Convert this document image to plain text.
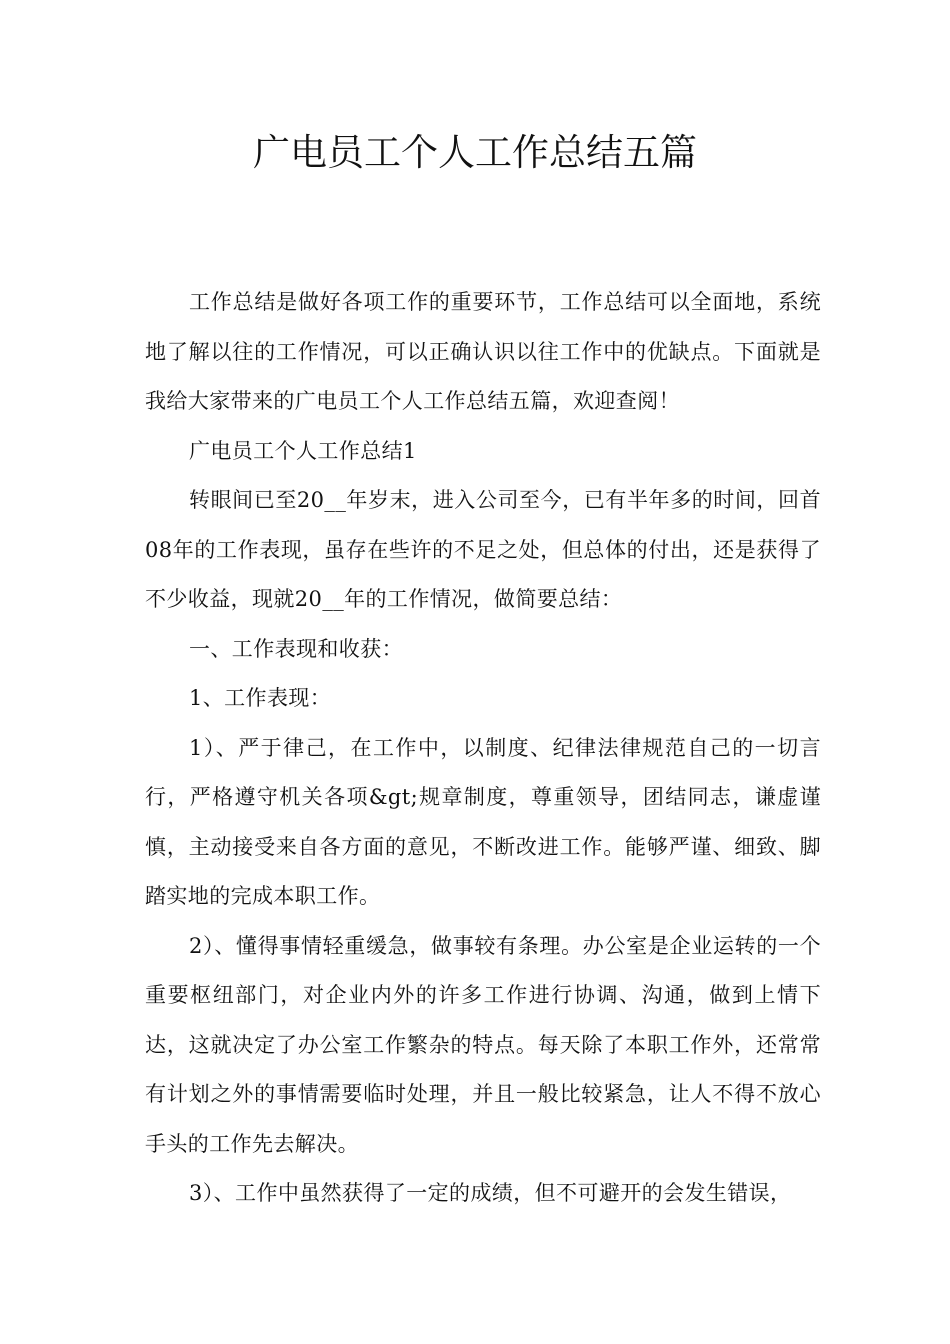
广电员工个人工作总结五篇

工作总结是做好各项工作的重要环节，工作总结可以全面地，系统地了解以往的工作情况，可以正确认识以往工作中的优缺点。下面就是我给大家带来的广电员工个人工作总结五篇，欢迎查阅！

广电员工个人工作总结1

转眼间已至20__年岁末，进入公司至今，已有半年多的时间，回首08年的工作表现，虽存在些许的不足之处，但总体的付出，还是获得了不少收益，现就20__年的工作情况，做简要总结：

一、工作表现和收获：

1、工作表现：

1）、严于律己，在工作中，以制度、纪律法律规范自己的一切言行，严格遵守机关各项&gt;规章制度，尊重领导，团结同志，谦虚谨慎，主动接受来自各方面的意见，不断改进工作。能够严谨、细致、脚踏实地的完成本职工作。

2）、懂得事情轻重缓急，做事较有条理。办公室是企业运转的一个重要枢纽部门，对企业内外的许多工作进行协调、沟通，做到上情下达，这就决定了办公室工作繁杂的特点。每天除了本职工作外，还常常有计划之外的事情需要临时处理，并且一般比较紧急，让人不得不放心手头的工作先去解决。

3）、工作中虽然获得了一定的成绩，但不可避开的会发生错误，
